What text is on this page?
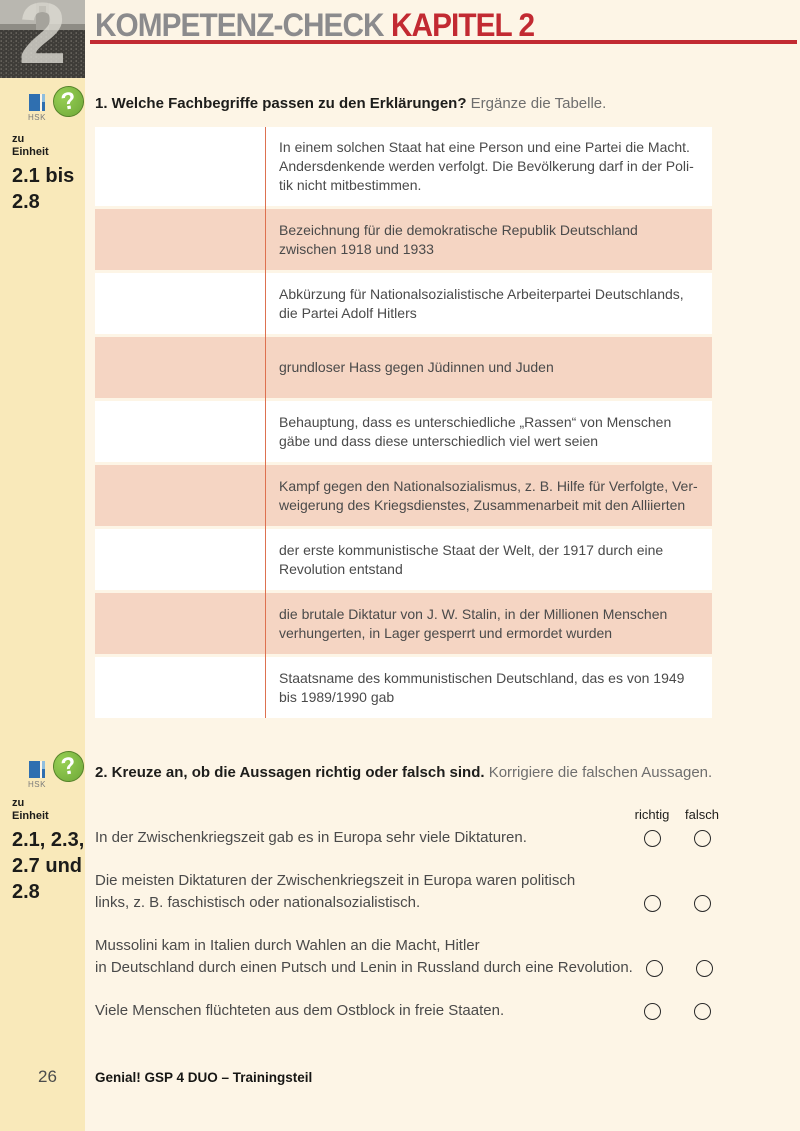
2 KOMPETENZ-CHECK KAPITEL 2
HSK
?
zu
Einheit
2.1 bis
2.8
1. Welche Fachbegriffe passen zu den Erklärungen? Ergänze die Tabelle.
In einem solchen Staat hat eine Person und eine Partei die Macht.
Andersdenkende werden verfolgt. Die Bevölkerung darf in der Poli-
tik nicht mitbestimmen.
Bezeichnung für die demokratische Republik Deutschland
zwischen 1918 und 1933
Abkürzung für Nationalsozialistische Arbeiterpartei Deutschlands,
die Partei Adolf Hitlers
grundloser Hass gegen Jüdinnen und Juden
Behauptung, dass es unterschiedliche „Rassen“ von Menschen
gäbe und dass diese unterschiedlich viel wert seien
Kampf gegen den Nationalsozialismus, z. B. Hilfe für Verfolgte, Ver-
weigerung des Kriegsdienstes, Zusammenarbeit mit den Alliierten
der erste kommunistische Staat der Welt, der 1917 durch eine
Revolution entstand
die brutale Diktatur von J. W. Stalin, in der Millionen Menschen
verhungerten, in Lager gesperrt und ermordet wurden
Staatsname des kommunistischen Deutschland, das es von 1949
bis 1989/1990 gab
HSK
?
zu
Einheit
2.1, 2.3,
2.7 und
2.8
2. Kreuze an, ob die Aussagen richtig oder falsch sind. Korrigiere die falschen Aussagen.
richtig	falsch
In der Zwischenkriegszeit gab es in Europa sehr viele Diktaturen.
Die meisten Diktaturen der Zwischenkriegszeit in Europa waren politisch
links, z. B. faschistisch oder nationalsozialistisch.
Mussolini kam in Italien durch Wahlen an die Macht, Hitler
in Deutschland durch einen Putsch und Lenin in Russland durch eine Revolution.
Viele Menschen flüchteten aus dem Ostblock in freie Staaten.
26	Genial! GSP 4 DUO – Trainingsteil
